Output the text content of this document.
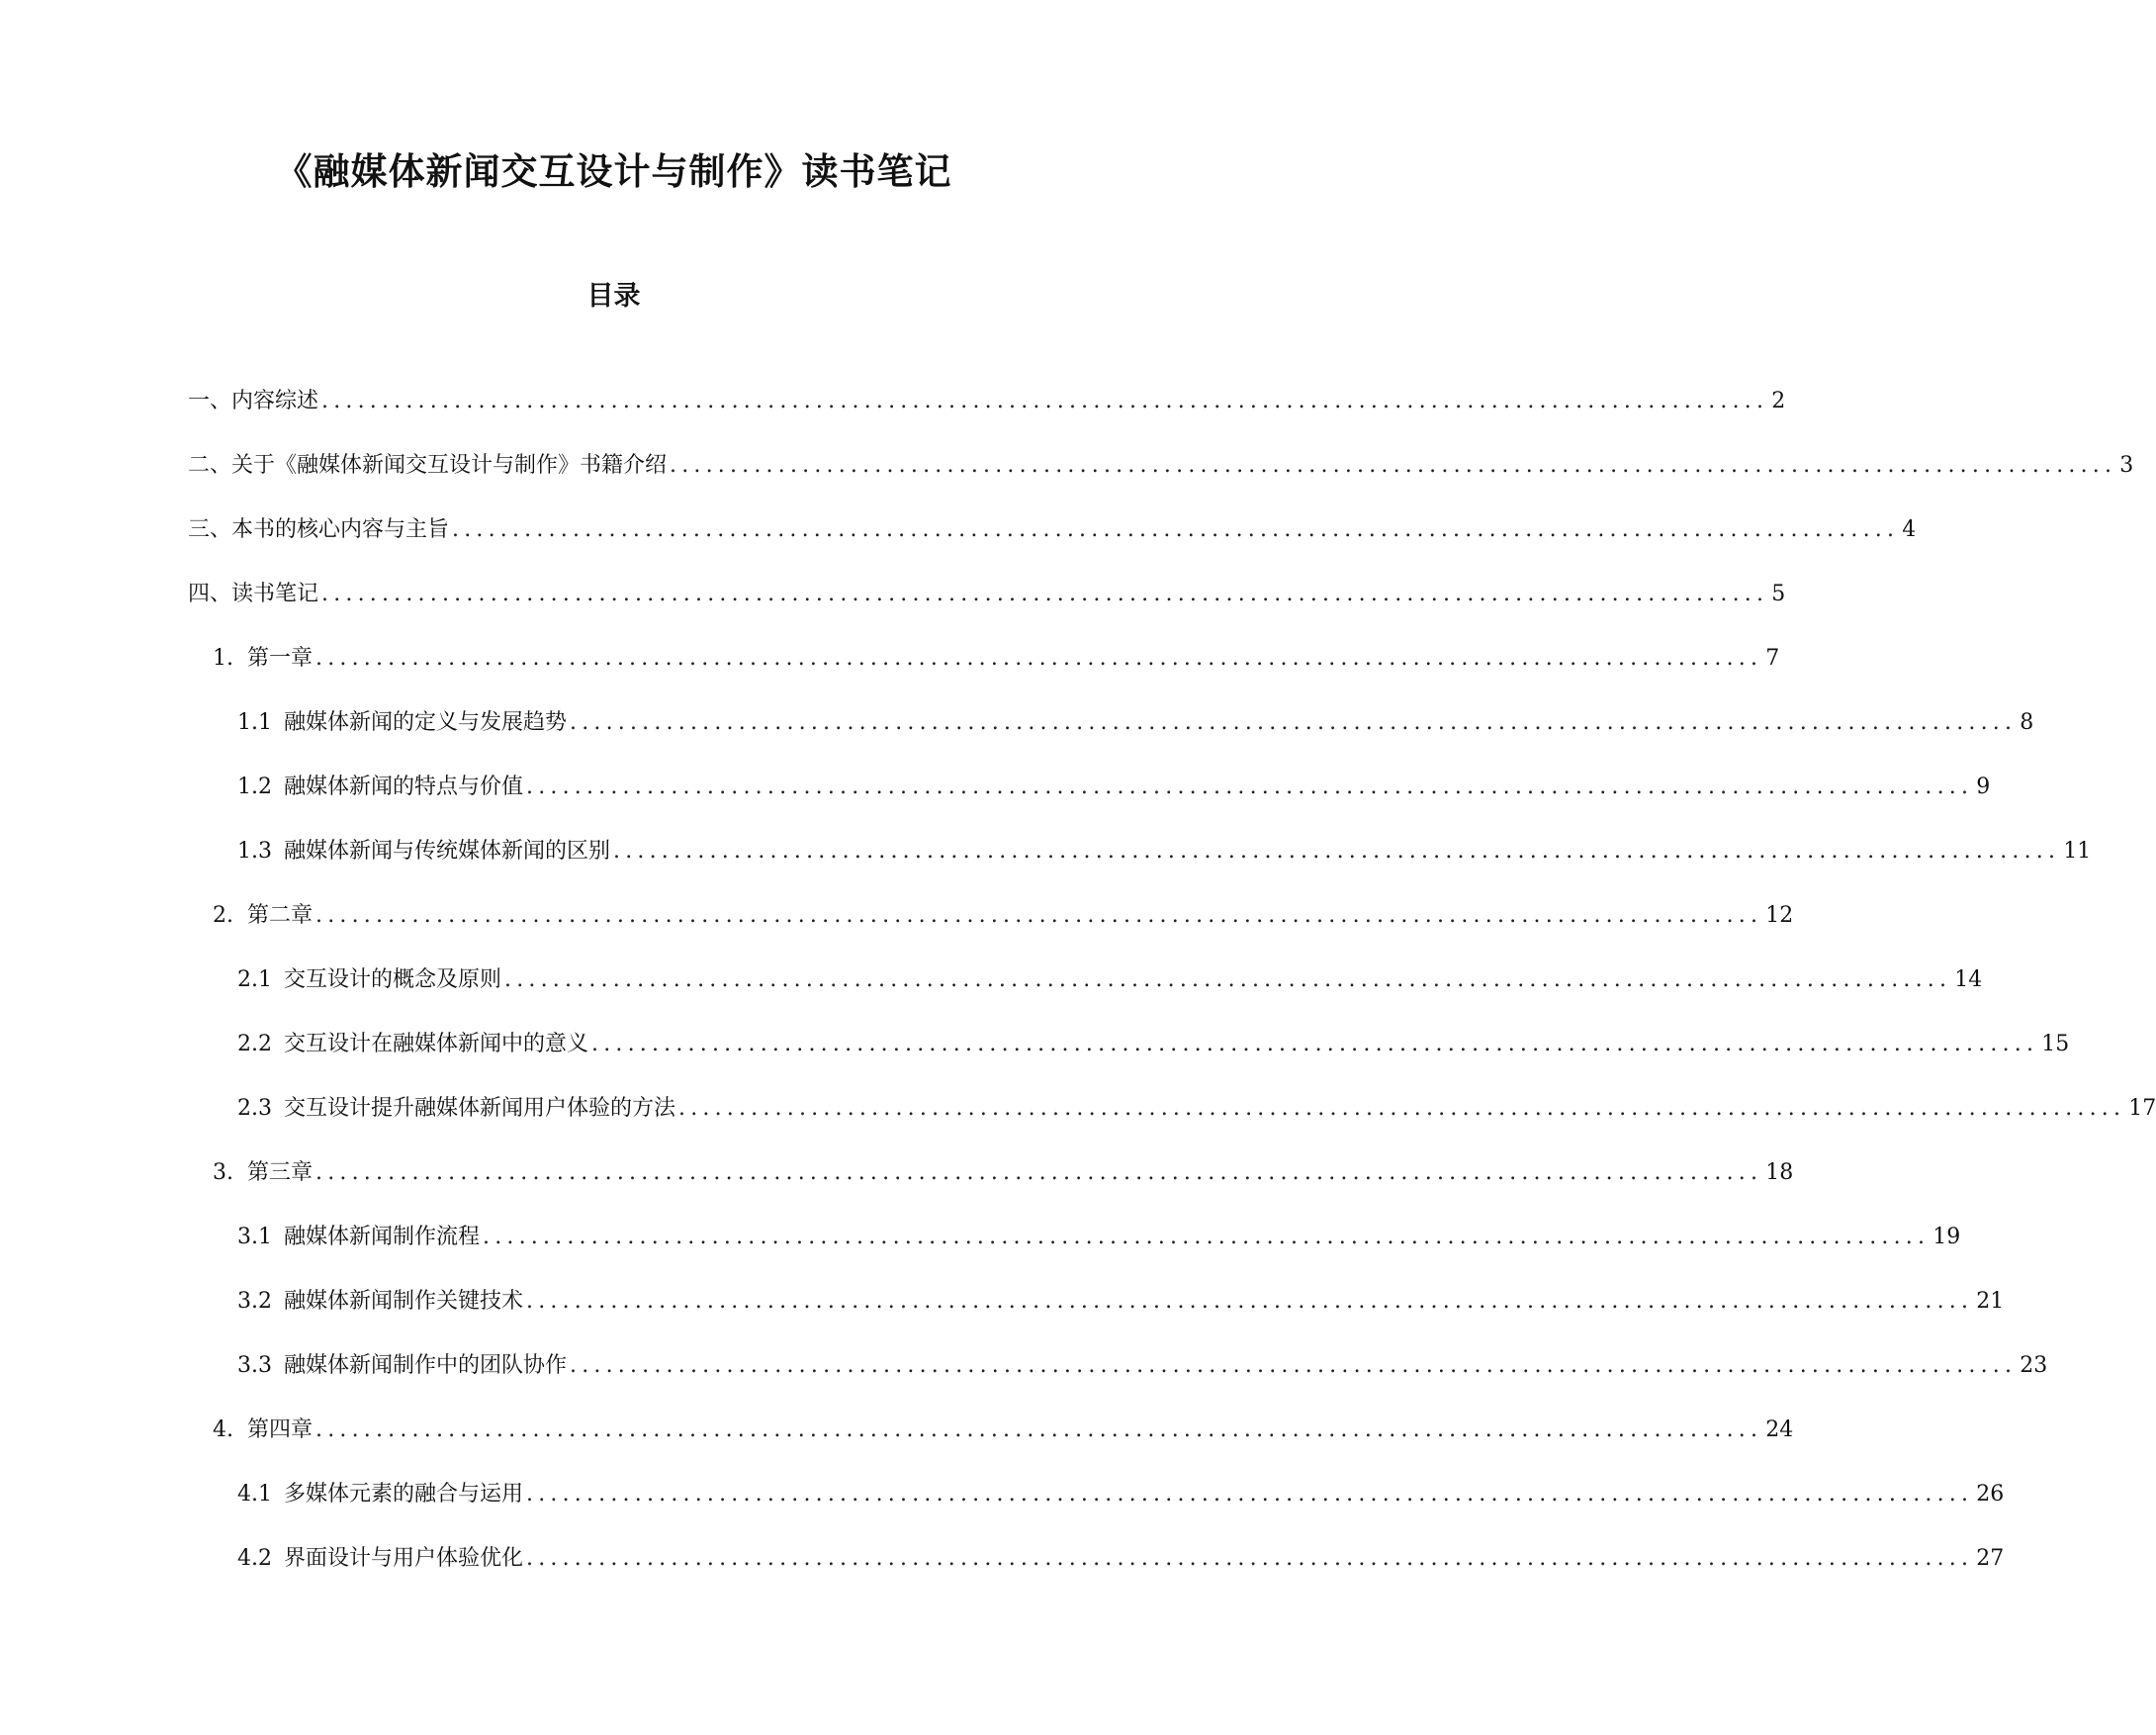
《融媒体新闻交互设计与制作》读书笔记
目录
一、内容综述 ........................................................................................................................ 2
二、关于《融媒体新闻交互设计与制作》书籍介绍 ........................................................................................................................ 3
三、本书的核心内容与主旨 ........................................................................................................................ 4
四、读书笔记 ........................................................................................................................ 5
1. 第一章 ........................................................................................................................ 7
1.1 融媒体新闻的定义与发展趋势 ........................................................................................................................ 8
1.2 融媒体新闻的特点与价值 ........................................................................................................................ 9
1.3 融媒体新闻与传统媒体新闻的区别 ........................................................................................................................ 11
2. 第二章 ........................................................................................................................ 12
2.1 交互设计的概念及原则 ........................................................................................................................ 14
2.2 交互设计在融媒体新闻中的意义 ........................................................................................................................ 15
2.3 交互设计提升融媒体新闻用户体验的方法 ........................................................................................................................ 17
3. 第三章 ........................................................................................................................ 18
3.1 融媒体新闻制作流程 ........................................................................................................................ 19
3.2 融媒体新闻制作关键技术 ........................................................................................................................ 21
3.3 融媒体新闻制作中的团队协作 ........................................................................................................................ 23
4. 第四章 ........................................................................................................................ 24
4.1 多媒体元素的融合与运用 ........................................................................................................................ 26
4.2 界面设计与用户体验优化 ........................................................................................................................ 27
